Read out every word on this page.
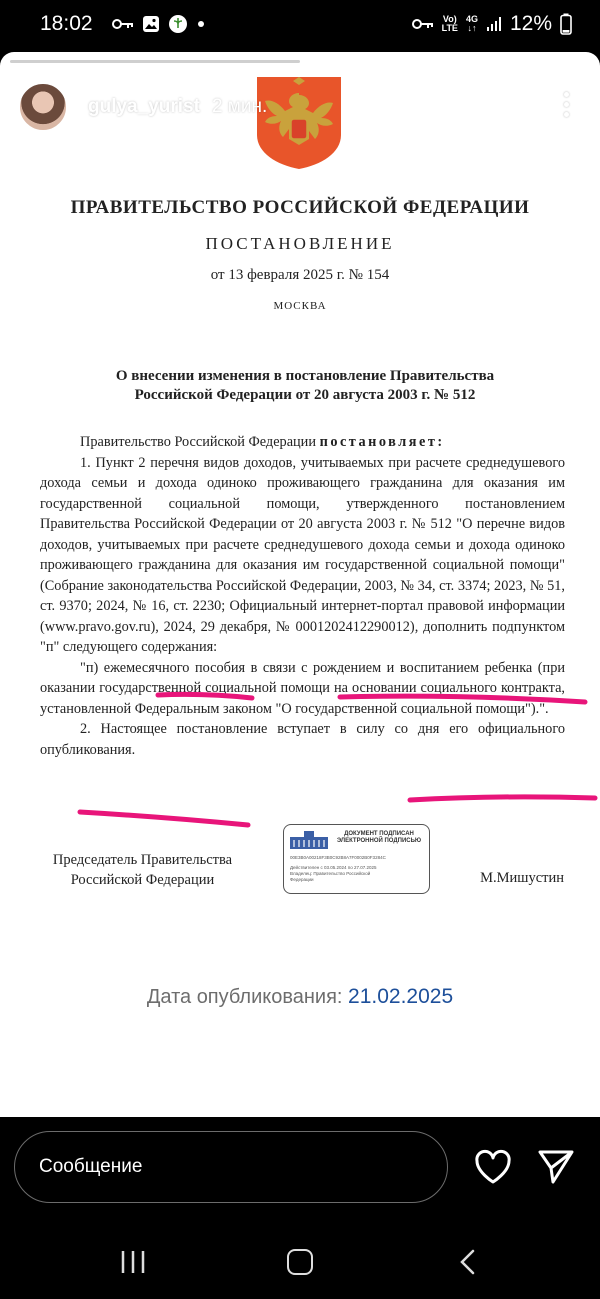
18:02	Vo)
LTE
4G
↓↑ 12%
ПРАВИТЕЛЬСТВО РОССИЙСКОЙ ФЕДЕРАЦИИ
ПОСТАНОВЛЕНИЕ
от 13 февраля 2025 г. № 154
МОСКВА
О внесении изменения в постановление Правительства
Российской Федерации от 20 августа 2003 г. № 512

Правительство Российской Федерации постановляет:

1. Пункт 2 перечня видов доходов, учитываемых при расчете среднедушевого дохода семьи и дохода одиноко проживающего гражданина для оказания им государственной социальной помощи, утвержденного постановлением Правительства Российской Федерации от 20 августа 2003 г. № 512 "О перечне видов доходов, учитываемых при расчете среднедушевого дохода семьи и дохода одиноко проживающего гражданина для оказания им государственной социальной помощи" (Собрание законодательства Российской Федерации, 2003, № 34, ст. 3374; 2023, № 51, ст. 9370; 2024, № 16, ст. 2230; Официальный интернет-портал правовой информации (www.pravo.gov.ru), 2024, 29 декабря, № 0001202412290012), дополнить подпунктом "п" следующего содержания:

"п) ежемесячного пособия в связи с рождением и воспитанием ребенка (при оказании государственной социальной помощи на основании социального контракта, установленной Федеральным законом "О государственной социальной помощи").".

2. Настоящее постановление вступает в силу со дня его официального опубликования.

Председатель Правительства
Российской Федерации
ДОКУМЕНТ ПОДПИСАН ЭЛЕКТРОННОЙ ПОДПИСЬЮ
00E3B0A00218F3B0C92B8A7F0002B0F3284C
Действителен с 03.05.2024 по 27.07.2025
Владелец: Правительство Российской
Федерации	М.Мишустин
Дата опубликования: 21.02.2025
gulya_yurist 2 мин.
Сообщение
